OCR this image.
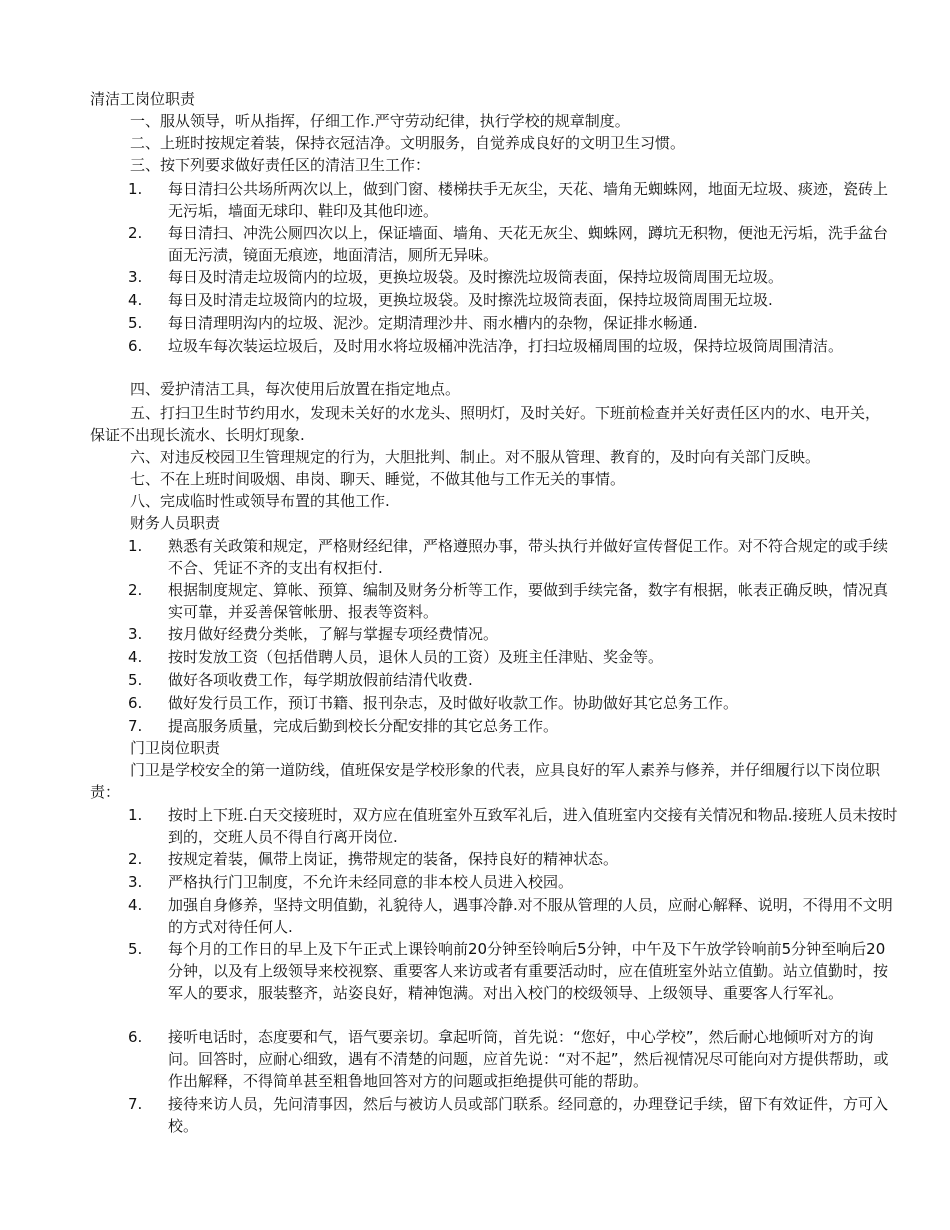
清洁工岗位职责
一、服从领导，听从指挥，仔细工作.严守劳动纪律，执行学校的规章制度。
二、上班时按规定着装，保持衣冠洁净。文明服务，自觉养成良好的文明卫生习惯。
三、按下列要求做好责任区的清洁卫生工作：
1.	每日清扫公共场所两次以上，做到门窗、楼梯扶手无灰尘，天花、墙角无蜘蛛网，地面无垃圾、痰迹，瓷砖上无污垢，墙面无球印、鞋印及其他印迹。
2.	每日清扫、冲洗公厕四次以上，保证墙面、墙角、天花无灰尘、蜘蛛网，蹲坑无积物，便池无污垢，洗手盆台面无污渍，镜面无痕迹，地面清洁，厕所无异味。
3.	每日及时清走垃圾筒内的垃圾，更换垃圾袋。及时擦洗垃圾筒表面，保持垃圾筒周围无垃圾。
4.	每日及时清走垃圾筒内的垃圾，更换垃圾袋。及时擦洗垃圾筒表面，保持垃圾筒周围无垃圾.
5.	每日清理明沟内的垃圾、泥沙。定期清理沙井、雨水槽内的杂物，保证排水畅通.
6.	垃圾车每次装运垃圾后，及时用水将垃圾桶冲洗洁净，打扫垃圾桶周围的垃圾，保持垃圾筒周围清洁。
四、爱护清洁工具，每次使用后放置在指定地点。
五、打扫卫生时节约用水，发现未关好的水龙头、照明灯，及时关好。下班前检查并关好责任区内的水、电开关，保证不出现长流水、长明灯现象.
六、对违反校园卫生管理规定的行为，大胆批判、制止。对不服从管理、教育的，及时向有关部门反映。
七、不在上班时间吸烟、串岗、聊天、睡觉，不做其他与工作无关的事情。
八、完成临时性或领导布置的其他工作.
财务人员职责
1.	熟悉有关政策和规定，严格财经纪律，严格遵照办事，带头执行并做好宣传督促工作。对不符合规定的或手续不合、凭证不齐的支出有权拒付.
2.	根据制度规定、算帐、预算、编制及财务分析等工作，要做到手续完备，数字有根据，帐表正确反映，情况真实可靠，并妥善保管帐册、报表等资料。
3.	按月做好经费分类帐，了解与掌握专项经费情况。
4.	按时发放工资（包括借聘人员，退休人员的工资）及班主任津贴、奖金等。
5.	做好各项收费工作，每学期放假前结清代收费.
6.	做好发行员工作，预订书籍、报刊杂志，及时做好收款工作。协助做好其它总务工作。
7.	提高服务质量，完成后勤到校长分配安排的其它总务工作。
门卫岗位职责
门卫是学校安全的第一道防线，值班保安是学校形象的代表，应具良好的军人素养与修养，并仔细履行以下岗位职责：
1.	按时上下班.白天交接班时，双方应在值班室外互致军礼后，进入值班室内交接有关情况和物品.接班人员未按时到的，交班人员不得自行离开岗位.
2.	按规定着装，佩带上岗证，携带规定的装备，保持良好的精神状态。
3.	严格执行门卫制度，不允许未经同意的非本校人员进入校园。
4.	加强自身修养，坚持文明值勤，礼貌待人，遇事冷静.对不服从管理的人员，应耐心解释、说明，不得用不文明的方式对待任何人.
5.	每个月的工作日的早上及下午正式上课铃响前20分钟至铃响后5分钟，中午及下午放学铃响前5分钟至响后20分钟，以及有上级领导来校视察、重要客人来访或者有重要活动时，应在值班室外站立值勤。站立值勤时，按军人的要求，服装整齐，站姿良好，精神饱满。对出入校门的校级领导、上级领导、重要客人行军礼。
6.	接听电话时，态度要和气，语气要亲切。拿起听筒，首先说：“您好，中心学校”，然后耐心地倾听对方的询问。回答时，应耐心细致，遇有不清楚的问题，应首先说：“对不起”，然后视情况尽可能向对方提供帮助，或作出解释，不得简单甚至粗鲁地回答对方的问题或拒绝提供可能的帮助。
7.	接待来访人员，先问清事因，然后与被访人员或部门联系。经同意的，办理登记手续，留下有效证件，方可入校。
